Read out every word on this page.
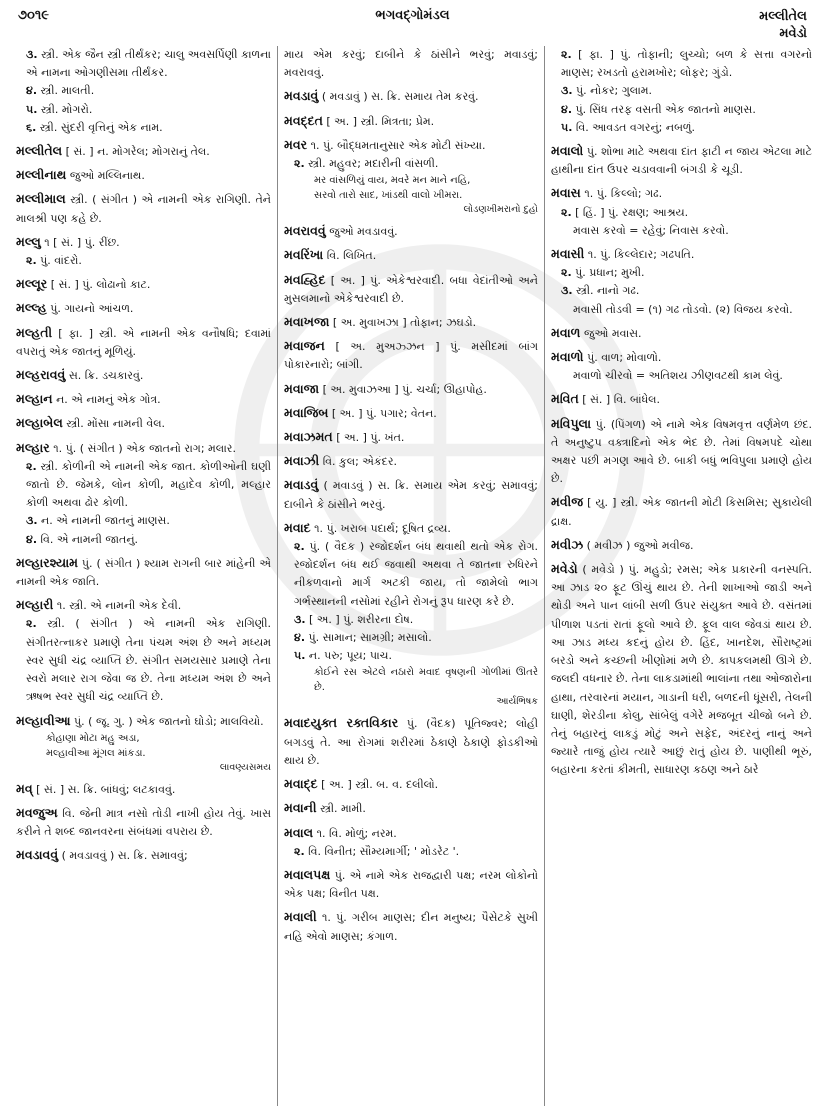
૭૦૧૯	ભગવદ્ગોમંડલ	મલ્લીતેલ
મવેડો
૩. સ્ત્રી. એક જૈન સ્ત્રી તીર્થંકર; ચાલુ અવસર્પિણી કાળના એ નામના ઓગણીસમા તીર્થંકર.
૪. સ્ત્રી. માલતી.
૫. સ્ત્રી. મોગરો.
૬. સ્ત્રી. સુંદરી વૃત્તિનું એક નામ.
મલ્લીતેલ [ સં. ] ન. મોગરેલ; મોગરાનું તેલ.
મલ્લીનાથ જુઓ મલ્લિનાથ.
મલ્લીમાલ સ્ત્રી. ( સંગીત ) એ નામની એક રાગિણી. તેને માલશ્રી પણ કહે છે.
મલ્લુ ૧ [ સં. ] પું. રીંછ.
૨. પું. વાંદરો.
મલ્લૂર [ સં. ] પું. લોઢાનો કાટ.
મલ્લ્હ પું. ગાયનો આંચળ.
મલ્હતી [ ફા. ] સ્ત્રી. એ નામની એક વનૌષધિ; દવામાં વપરાતું એક જાતનું મૂળિયું.
મલ્હરાવવું સ. ક્રિ. ડચકારવું.
મલ્હાન ન. એ નામનું એક ગોત્ર.
મલ્હાબેલ સ્ત્રી. મોંસા નામની વેલ.
મલ્હાર ૧. પું. ( સંગીત ) એક જાતનો રાગ; મલાર.
૨. સ્ત્રી. કોળીની એ નામની એક જાત. કોળીઓની ઘણી જાતો છે. જેમકે, લોન કોળી, મહાદેવ કોળી, મલ્હાર કોળી અથવા ઢોર કોળી.
૩. ન. એ નામની જાતનું માણસ.
૪. વિ. એ નામની જાતનું.
મલ્હારશ્યામ પું. ( સંગીત ) શ્યામ રાગની બાર માંહેની એ નામની એક જાતિ.
મલ્હારી ૧. સ્ત્રી. એ નામની એક દેવી.
૨. સ્ત્રી. ( સંગીત ) એ નામની એક રાગિણી. સંગીતરત્નાકર પ્રમાણે તેના પંચમ અંશ છે અને મધ્યમ સ્વર સુધી ચંદ્ર વ્યાપ્તિ છે. સંગીત સમયસાર પ્રમાણે તેના સ્વરો મલાર રાગ જેવા જ છે. તેના મધ્યમ અંશ છે અને ઋષભ સ્વર સુધી ચંદ્ર વ્યાપ્તિ છે.
મલ્હાવીઆ પું. ( જૂ. ગુ. ) એક જાતનો ઘોડો; માલવિયો.
કોહાણા મોટા મહુ અડા,
મલ્હાવીઆ મૂંગલ માંકડા.
લાવણ્યસમય
મવ્ [ સં. ] સ. ક્રિ. બાંધવું; લટકાવવું.
મવજુઅ વિ. જેની માત્ર નસો તોડી નાખી હોય તેવું. ખાસ કરીને તે શબ્દ જાનવરના સંબંધમાં વપરાય છે.
મવડાવવું ( મવડાવવું ) સ. ક્રિ. સમાવવું;
માય એમ કરવું; દાબીને કે ઠાંસીને ભરવું; મવાડવું; મવરાવવું.
મવડાવું ( મવડાવું ) સ. ક્રિ. સમાય તેમ કરવું.
મવદ્દત [ અ. ] સ્ત્રી. મિત્રતા; પ્રેમ.
મવર ૧. પું. બૌદ્ધમતાનુસાર એક મોટી સંખ્યા.
૨. સ્ત્રી. મહુવર; મદારીની વાંસળી.
મર વાંસળિયું વાય, મવરે મન માને નહિ,
સરવો તારો સાદ, ખાંડથી વાલો ખીમરા.
લોડણખીમરાનો દુહો
મવરાવવું જુઓ મવડાવવું.
મવરિંખા વિ. લિખિત.
મવહ્હિદ [ અ. ] પું. એકેશ્વરવાદી. બધા વેદાંતીઓ અને મુસલમાનો એકેશ્વરવાદી છે.
મવાખજા [ અ. મુવાખઝા ] તોફાન; ઝઘડો.
મવાજન [ અ. મુઅઝ્ઝન ] પું. મસીદમાં બાંગ પોકારનારો; બાંગી.
મવાજા [ અ. મુવાઝઆ ] પું. ચર્ચા; ઊહાપોહ.
મવાજિબ [ અ. ] પું. પગાર; વેતન.
મવાઝમત [ અ. ] પું. ખંત.
મવાઝી વિ. કુલ; એકંદર.
મવાડવું ( મવાડવું ) સ. ક્રિ. સમાય એમ કરવું; સમાવવું; દાબીને કે ઠાંસીને ભરવું.
મવાદ ૧. પું. ખરાબ પદાર્થ; દૂષિત દ્રવ્ય.
૨. પું. ( વૈદક ) રજોદર્શન બંધ થવાથી થતો એક રોગ. રજોદર્શન બંધ થઈ જવાથી અથવા તે જાતના રુધિરને નીકળવાનો માર્ગ અટકી જાય, તો જામેલો ભાગ ગર્ભસ્થાનની નસોમાં રહીને રોગનું રૂપ ધારણ કરે છે.
૩. [ અ. ] પું. શરીરના દોષ.
૪. પું. સામાન; સામગ્રી; મસાલો.
૫. ન. પરુ; પૂય; પાચ.
કોઈને રસ એટલે નઠારો મવાદ વૃષણની ગોળીમાં ઊતરે છે.
આર્યભિષક
મવાદયુક્ત રક્તવિકાર પું. (વૈદક) પૂતિજ્વર; લોહી બગડવું તે. આ રોગમાં શરીરમાં ઠેકાણે ઠેકાણે ફોડકીઓ થાય છે.
મવાદ્દ [ અ. ] સ્ત્રી. બ. વ. દલીલો.
મવાની સ્ત્રી. મામી.
મવાલ ૧. વિ. મોળું; નરમ.
૨. વિ. વિનીત; સૌમ્યમાર્ગી; ' મોડરેટ '.
મવાલપક્ષ પું. એ નામે એક રાજદ્વારી પક્ષ; નરમ લોકોનો એક પક્ષ; વિનીત પક્ષ.
મવાલી ૧. પું. ગરીબ માણસ; દીન મનુષ્ય; પૈસેટકે સુખી નહિ એવો માણસ; કંગાળ.
૨. [ ફા. ] પું. તોફાની; લુચ્ચો; બળ કે સત્તા વગરનો માણસ; રખડતો હરામખોર; લોફર; ગુંડો.
૩. પું. નોકર; ગુલામ.
૪. પું. સિંધ તરફ વસતી એક જાતનો માણસ.
૫. વિ. આવડત વગરનું; નબળું.
મવાલો પું. શોભા માટે અથવા દાંત ફાટી ન જાય એટલા માટે હાથીના દાંત ઉપર ચડાવવાની બંગડી કે ચૂડી.
મવાસ ૧. પું. કિલ્લો; ગઢ.
૨. [ હિં. ] પું. રક્ષણ; આશ્રય.
મવાસ કરવો = રહેવું; નિવાસ કરવો.
મવાસી ૧. પું. કિલ્લેદાર; ગઢપતિ.
૨. પું. પ્રધાન; મુખી.
૩. સ્ત્રી. નાનો ગઢ.
મવાસી તોડવી = (૧) ગઢ તોડવો. (૨) વિજય કરવો.
મવાળ જુઓ મવાસ.
મવાળો પું. વાળ; મોવાળો.
મવાળો ચીરવો = અતિશય ઝીણવટથી કામ લેવું.
મવિત [ સં. ] વિ. બાંધેલ.
મવિપુલા પું. (પિંગળ) એ નામે એક વિષમવૃત્ત વર્ણમેળ છંદ. તે અનુષ્ટુપ વક્ત્રાદિનો એક ભેદ છે. તેમાં વિષમપદે ચોથા અક્ષર પછી મગણ આવે છે. બાકી બધું ભવિપુલા પ્રમાણે હોય છે.
મવીજ [ યુ. ] સ્ત્રી. એક જાતની મોટી કિસમિસ; સુકાયેલી દ્રાક્ષ.
મવીઝ ( મવીઝ ) જુઓ મવીજ.
મવેડો ( મવેડો ) પું. મહુડો; રમસ; એક પ્રકારની વનસ્પતિ. આ ઝાડ ૨૦ ફૂટ ઊંચું થાય છે. તેની શાખાઓ જાડી અને થોડી અને પાન લાંબી સળી ઉપર સંયુક્ત આવે છે. વસંતમાં પીળાશ પડતાં રાતાં ફૂલો આવે છે. ફૂલ વાલ જેવડાં થાય છે. આ ઝાડ મધ્ય કદનું હોય છે. હિંદ, ખાનદેશ, સૌરાષ્ટ્રમાં બરડો અને કચ્છની ખીણોમાં મળે છે. કાપકલમથી ઊગે છે. જલદી વધનાર છે. તેના લાકડામાંથી ભાલાંના તથા ઓજારોના હાથા, તરવારનાં મયાન, ગાડાની ધરી, બળદની ધૂંસરી, તેલની ઘાણી, શેરડીના કોલુ, સાંબેલું વગેરે મજબૂત ચીજો બને છે. તેનું બહારનું લાકડું મોટું અને સફેદ, અંદરનું નાનું અને જ્યારે તાજું હોય ત્યારે આછું રાતું હોય છે. પાણીથી ભૂરું, બહારના કરતાં કીમતી, સાધારણ કઠણ અને ઠારે
